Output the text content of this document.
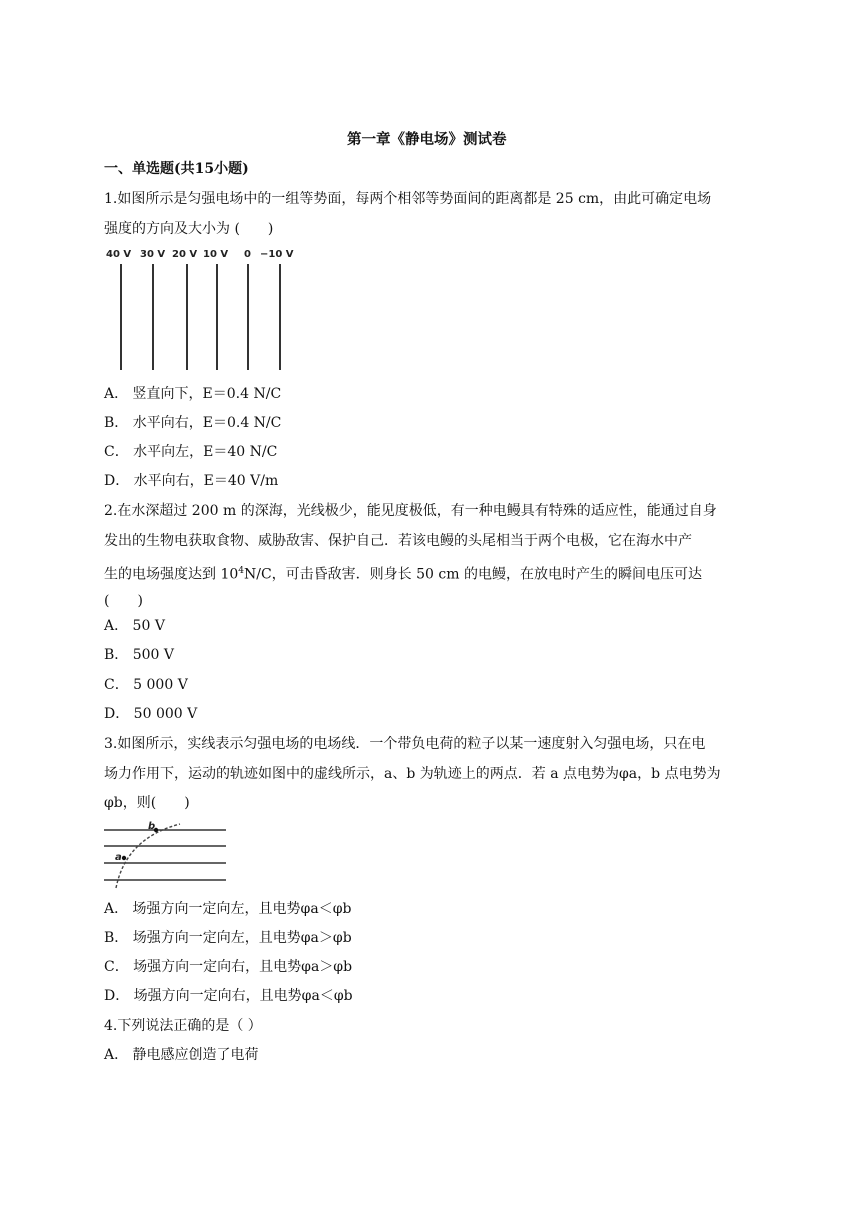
第一章《静电场》测试卷
一、单选题(共15小题)
1.如图所示是匀强电场中的一组等势面，每两个相邻等势面间的距离都是 25 cm，由此可确定电场
强度的方向及大小为 (　　)
40 V 30 V 20 V 10 V 0 −10 V
A． 竖直向下，E＝0.4 N/C
B． 水平向右，E＝0.4 N/C
C． 水平向左，E＝40 N/C
D． 水平向右，E＝40 V/m
2.在水深超过 200 m 的深海，光线极少，能见度极低，有一种电鳗具有特殊的适应性，能通过自身
发出的生物电获取食物、威胁敌害、保护自己．若该电鳗的头尾相当于两个电极，它在海水中产
生的电场强度达到 $10^4N/C$，可击昏敌害．则身长 50 cm 的电鳗，在放电时产生的瞬间电压可达
(　　)
A． 50 V
B． 500 V
C． 5 000 V
D． 50 000 V
3.如图所示，实线表示匀强电场的电场线．一个带负电荷的粒子以某一速度射入匀强电场，只在电
场力作用下，运动的轨迹如图中的虚线所示，a、b 为轨迹上的两点．若 a 点电势为φa，b 点电势为
φb，则(　　)
b
a
A． 场强方向一定向左，且电势φa＜φb
B． 场强方向一定向左，且电势φa＞φb
C． 场强方向一定向右，且电势φa＞φb
D． 场强方向一定向右，且电势φa＜φb
4.下列说法正确的是（ ）
A． 静电感应创造了电荷
